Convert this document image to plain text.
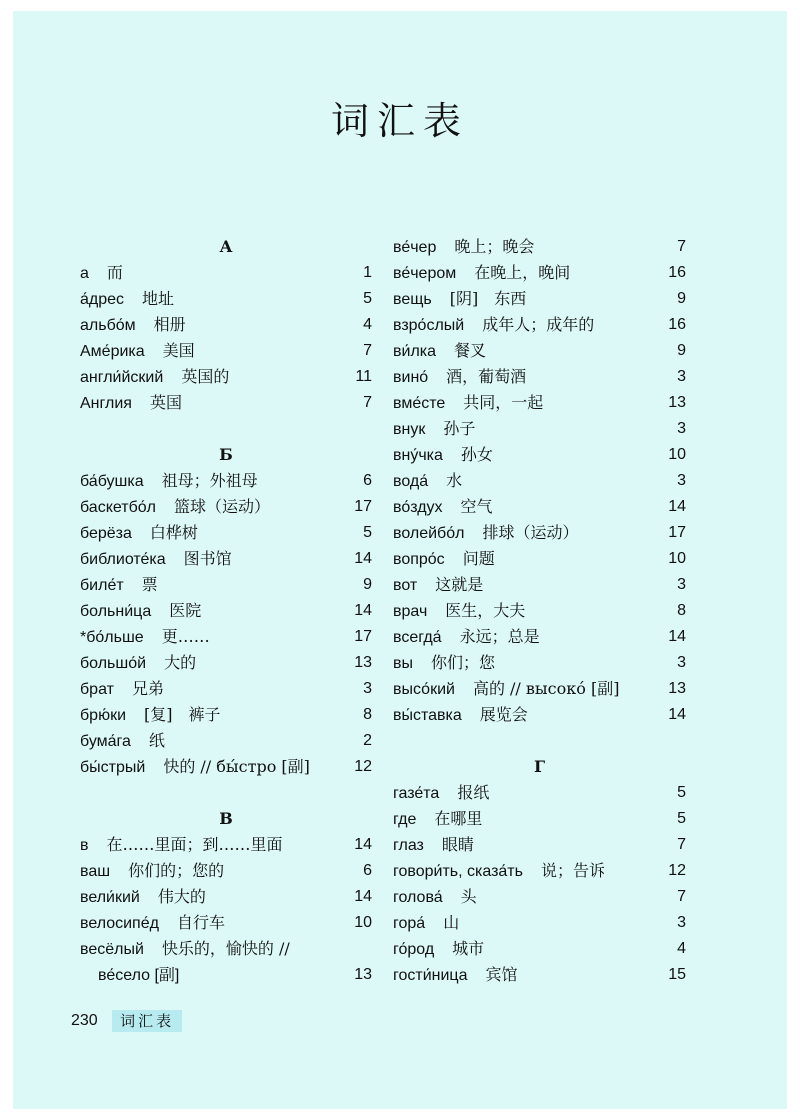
词汇表
А
а 而	1
а́дрес 地址	5
альбо́м 相册	4
Аме́рика 美国	7
англи́йский 英国的	11
Англия 英国	7
Б
ба́бушка 祖母；外祖母	6
баскетбо́л 篮球（运动）	17
берёза 白桦树	5
библиоте́ка 图书馆	14
биле́т 票	9
больни́ца 医院	14
*бо́льше 更……	17
большо́й 大的	13
брат 兄弟	3
брю́ки [复]　裤子	8
бума́га 纸	2
бы́стрый 快的 // бы́стро [副]	12
В
в 在……里面；到……里面	14
ваш 你们的；您的	6
вели́кий 伟大的	14
велосипе́д 自行车	10
весёлый 快乐的，愉快的 //
ве́село [副]	13
ве́чер 晚上；晚会	7
ве́чером 在晚上，晚间	16
вещь [阴]　东西	9
взро́слый 成年人；成年的	16
ви́лка 餐叉	9
вино́ 酒，葡萄酒	3
вме́сте 共同，一起	13
внук 孙子	3
вну́чка 孙女	10
вода́ 水	3
во́здух 空气	14
волейбо́л 排球（运动）	17
вопро́с 问题	10
вот 这就是	3
врач 医生，大夫	8
всегда́ 永远；总是	14
вы 你们；您	3
высо́кий 高的 // высоко́ [副]	13
вы́ставка 展览会	14
Г
газе́та 报纸	5
где 在哪里	5
глаз 眼睛	7
говори́ть, сказа́ть 说；告诉	12
голова́ 头	7
гора́ 山	3
го́род 城市	4
гости́ница 宾馆	15
230 词汇表
